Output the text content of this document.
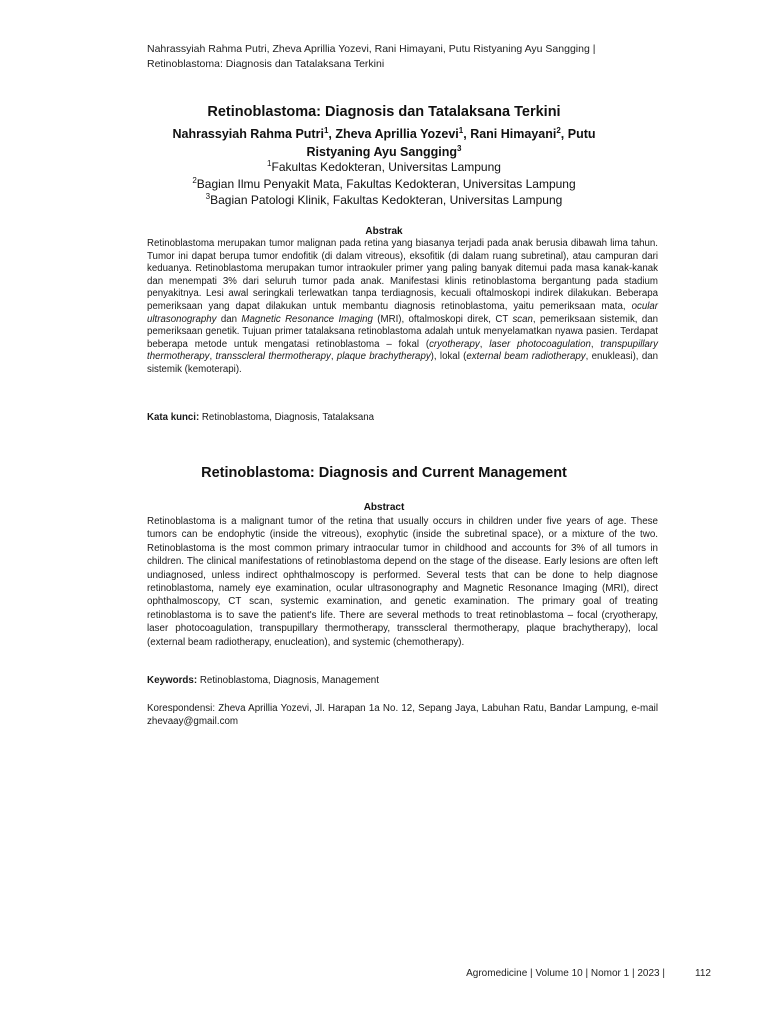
Nahrassyiah Rahma Putri, Zheva Aprillia Yozevi, Rani Himayani, Putu Ristyaning Ayu Sangging |
Retinoblastoma: Diagnosis dan Tatalaksana Terkini
Retinoblastoma: Diagnosis dan Tatalaksana Terkini
Nahrassyiah Rahma Putri$^1$, Zheva Aprillia Yozevi$^1$, Rani Himayani$^2$, Putu Ristyaning Ayu Sangging$^3$
$^1$Fakultas Kedokteran, Universitas Lampung
$^2$Bagian Ilmu Penyakit Mata, Fakultas Kedokteran, Universitas Lampung
$^3$Bagian Patologi Klinik, Fakultas Kedokteran, Universitas Lampung
Abstrak

Retinoblastoma merupakan tumor malignan pada retina yang biasanya terjadi pada anak berusia dibawah lima tahun. Tumor ini dapat berupa tumor endofitik (di dalam vitreous), eksofitik (di dalam ruang subretinal), atau campuran dari keduanya. Retinoblastoma merupakan tumor intraokuler primer yang paling banyak ditemui pada masa kanak-kanak dan menempati 3% dari seluruh tumor pada anak. Manifestasi klinis retinoblastoma bergantung pada stadium penyakitnya. Lesi awal seringkali terlewatkan tanpa terdiagnosis, kecuali oftalmoskopi indirek dilakukan. Beberapa pemeriksaan yang dapat dilakukan untuk membantu diagnosis retinoblastoma, yaitu pemeriksaan mata, ocular ultrasonography dan Magnetic Resonance Imaging (MRI), oftalmoskopi direk, CT scan, pemeriksaan sistemik, dan pemeriksaan genetik. Tujuan primer tatalaksana retinoblastoma adalah untuk menyelamatkan nyawa pasien. Terdapat beberapa metode untuk mengatasi retinoblastoma – fokal (cryotherapy, laser photocoagulation, transpupillary thermotherapy, transscleral thermotherapy, plaque brachytherapy), lokal (external beam radiotherapy, enukleasi), dan sistemik (kemoterapi).

Kata kunci: Retinoblastoma, Diagnosis, Tatalaksana
Retinoblastoma: Diagnosis and Current Management
Abstract

Retinoblastoma is a malignant tumor of the retina that usually occurs in children under five years of age. These tumors can be endophytic (inside the vitreous), exophytic (inside the subretinal space), or a mixture of the two. Retinoblastoma is the most common primary intraocular tumor in childhood and accounts for 3% of all tumors in children. The clinical manifestations of retinoblastoma depend on the stage of the disease. Early lesions are often left undiagnosed, unless indirect ophthalmoscopy is performed. Several tests that can be done to help diagnose retinoblastoma, namely eye examination, ocular ultrasonography and Magnetic Resonance Imaging (MRI), direct ophthalmoscopy, CT scan, systemic examination, and genetic examination. The primary goal of treating retinoblastoma is to save the patient's life. There are several methods to treat retinoblastoma – focal (cryotherapy, laser photocoagulation, transpupillary thermotherapy, transscleral thermotherapy, plaque brachytherapy), local (external beam radiotherapy, enucleation), and systemic (chemotherapy).

Keywords: Retinoblastoma, Diagnosis, Management
Korespondensi: Zheva Aprillia Yozevi, Jl. Harapan 1a No. 12, Sepang Jaya, Labuhan Ratu, Bandar Lampung, e-mail zhevaay@gmail.com
Agromedicine | Volume 10 | Nomor 1 | 2023 |	112
